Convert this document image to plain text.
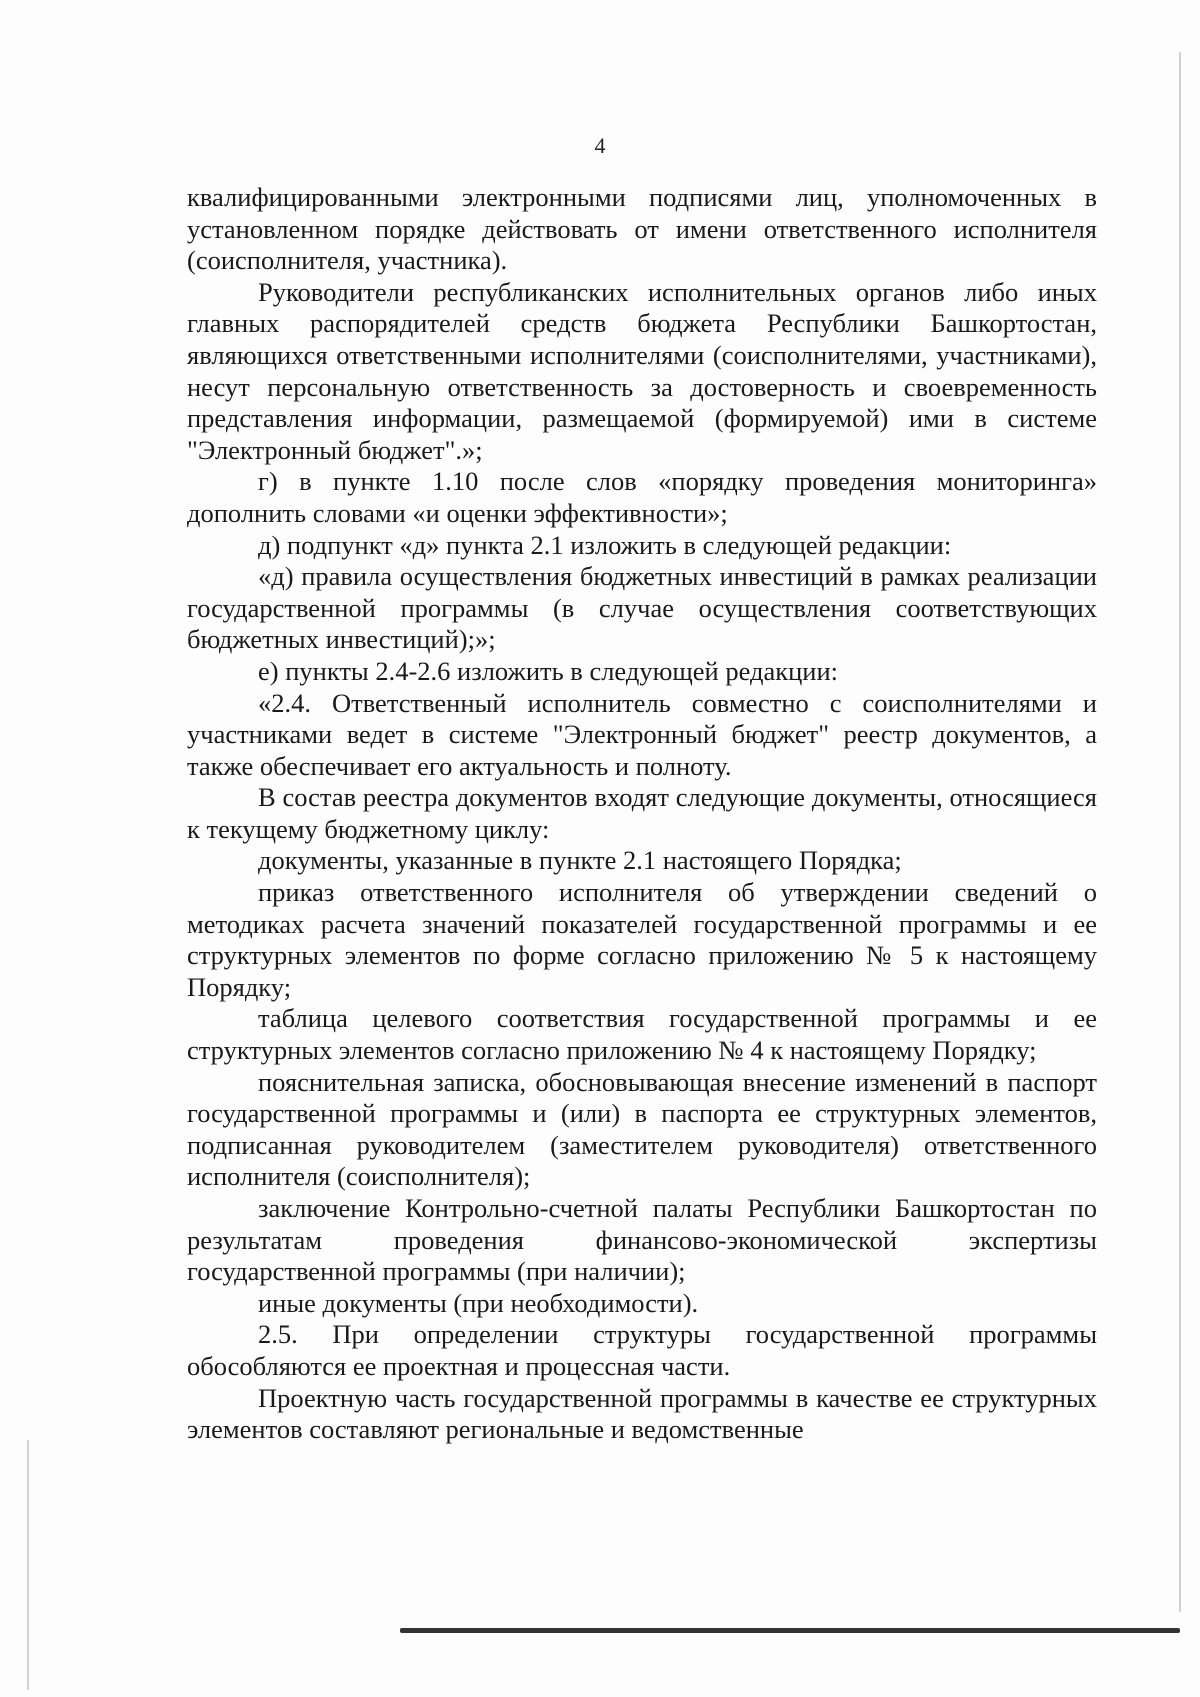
4

квалифицированными электронными подписями лиц, уполномоченных в установленном порядке действовать от имени ответственного исполнителя (соисполнителя, участника).

Руководители республиканских исполнительных органов либо иных главных распорядителей средств бюджета Республики Башкортостан, являющихся ответственными исполнителями (соисполнителями, участниками), несут персональную ответственность за достоверность и своевременность представления информации, размещаемой (формируемой) ими в системе "Электронный бюджет".»;

г) в пункте 1.10 после слов «порядку проведения мониторинга» дополнить словами «и оценки эффективности»;

д) подпункт «д» пункта 2.1 изложить в следующей редакции:

«д) правила осуществления бюджетных инвестиций в рамках реализации государственной программы (в случае осуществления соответствующих бюджетных инвестиций);»;

е) пункты 2.4-2.6 изложить в следующей редакции:

«2.4. Ответственный исполнитель совместно с соисполнителями и участниками ведет в системе "Электронный бюджет" реестр документов, а также обеспечивает его актуальность и полноту.

В состав реестра документов входят следующие документы, относящиеся к текущему бюджетному циклу:

документы, указанные в пункте 2.1 настоящего Порядка;

приказ ответственного исполнителя об утверждении сведений о методиках расчета значений показателей государственной программы и ее структурных элементов по форме согласно приложению № 5 к настоящему Порядку;

таблица целевого соответствия государственной программы и ее структурных элементов согласно приложению № 4 к настоящему Порядку;

пояснительная записка, обосновывающая внесение изменений в паспорт государственной программы и (или) в паспорта ее структурных элементов, подписанная руководителем (заместителем руководителя) ответственного исполнителя (соисполнителя);

заключение Контрольно-счетной палаты Республики Башкортостан по результатам проведения финансово-экономической экспертизы государственной программы (при наличии);

иные документы (при необходимости).

2.5. При определении структуры государственной программы обособляются ее проектная и процессная части.

Проектную часть государственной программы в качестве ее структурных элементов составляют региональные и ведомственные
